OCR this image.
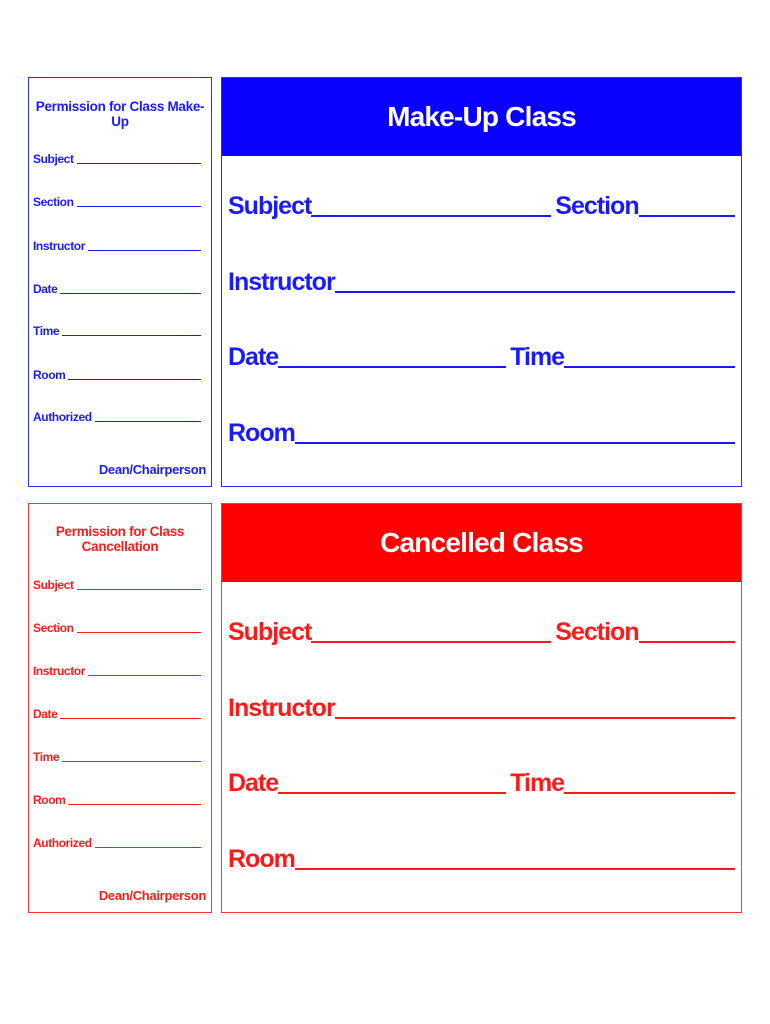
Permission for Class Make-Up
Subject
Section
Instructor
Date
Time
Room
Authorized
Dean/Chairperson
Make-Up Class
Subject	Section
Instructor
Date	Time
Room
Permission for Class Cancellation
Subject
Section
Instructor
Date
Time
Room
Authorized
Dean/Chairperson
Cancelled Class
Subject	Section
Instructor
Date	Time
Room
